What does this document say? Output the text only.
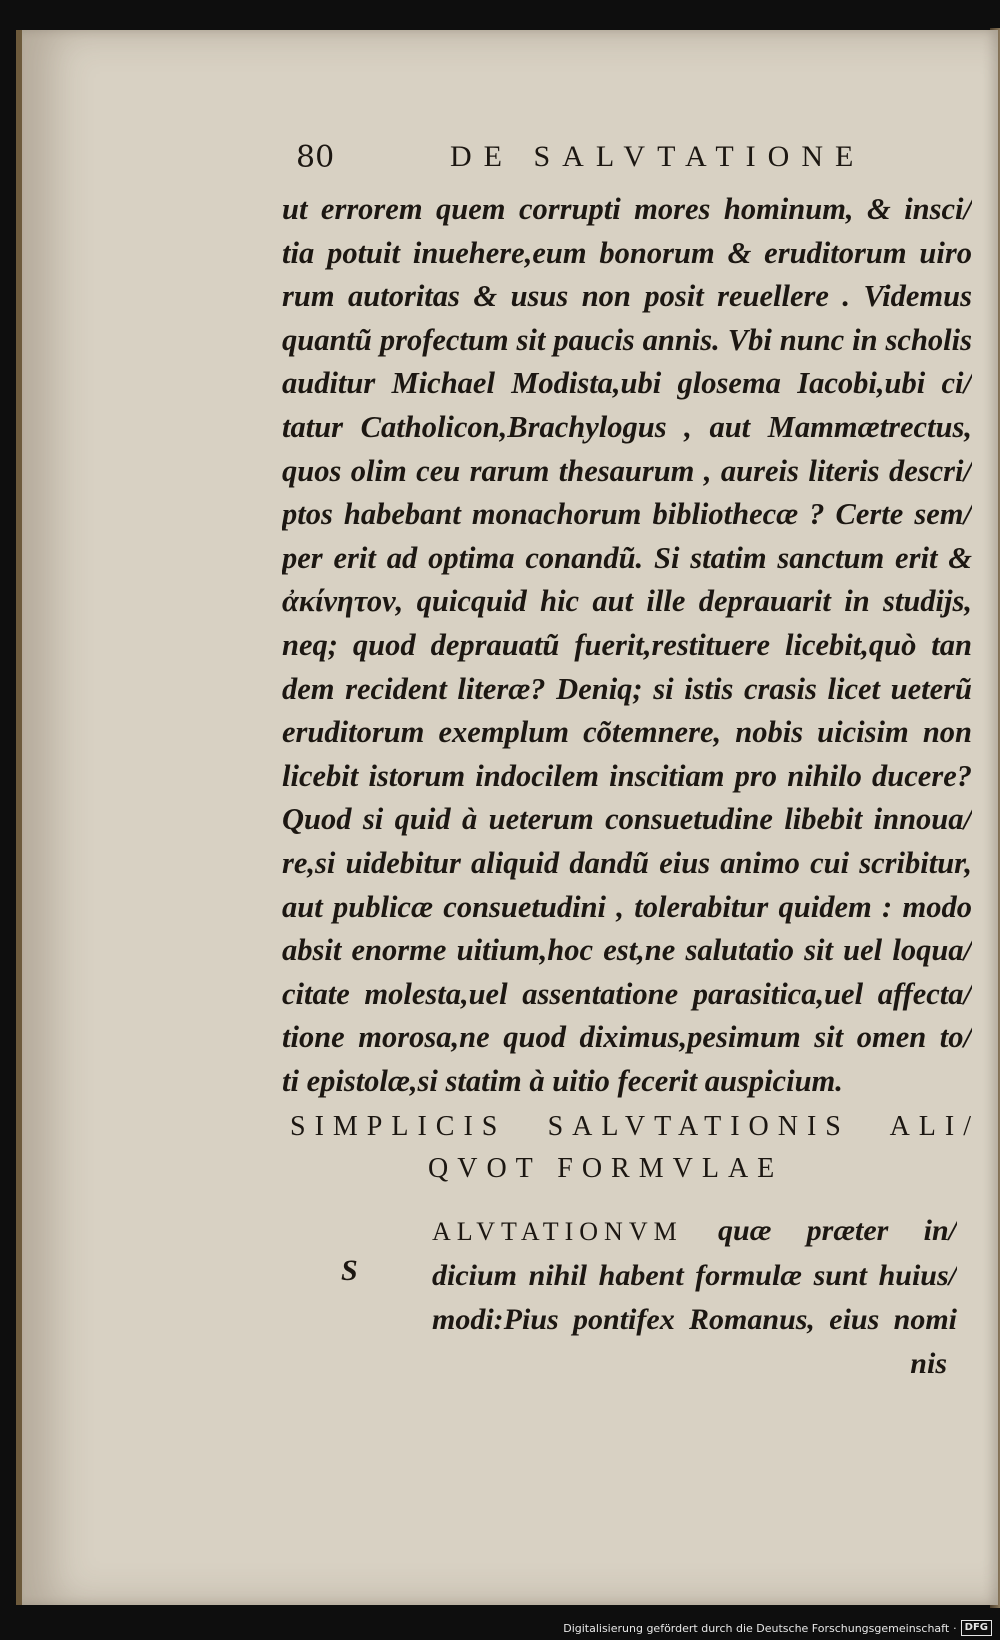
80	DE SALVTATIONE
ut errorem quem corrupti mores hominum, & insci/
tia potuit inuehere,eum bonorum & eruditorum uiro
rum autoritas & usus non posit reuellere . Videmus
quantũ profectum sit paucis annis. Vbi nunc in scholis
auditur Michael Modista,ubi glosema Iacobi,ubi ci/
tatur Catholicon,Brachylogus , aut Mammætrectus,
quos olim ceu rarum thesaurum , aureis literis descri/
ptos habebant monachorum bibliothecæ ? Certe sem/
per erit ad optima conandũ. Si statim sanctum erit &
ἀκίνητον, quicquid hic aut ille deprauarit in studijs,
neq; quod deprauatũ fuerit,restituere licebit,quò tan
dem recident literæ? Deniq; si istis crasis licet ueterũ
eruditorum exemplum cõtemnere, nobis uicisim non
licebit istorum indocilem inscitiam pro nihilo ducere?
Quod si quid à ueterum consuetudine libebit innoua/
re,si uidebitur aliquid dandũ eius animo cui scribitur,
aut publicæ consuetudini , tolerabitur quidem : modo
absit enorme uitium,hoc est,ne salutatio sit uel loqua/
citate molesta,uel assentatione parasitica,uel affecta/
tione morosa,ne quod diximus,pesimum sit omen to/
ti epistolæ,si statim à uitio fecerit auspicium.
SIMPLICIS SALVTATIONIS ALI/
QVOT FORMVLAE
S
ALVTATIONVM quæ præter in/
dicium nihil habent formulæ sunt huius/
modi:Pius pontifex Romanus, eius nomi
nis
Digitalisierung gefördert durch die Deutsche Forschungsgemeinschaft · DFG
